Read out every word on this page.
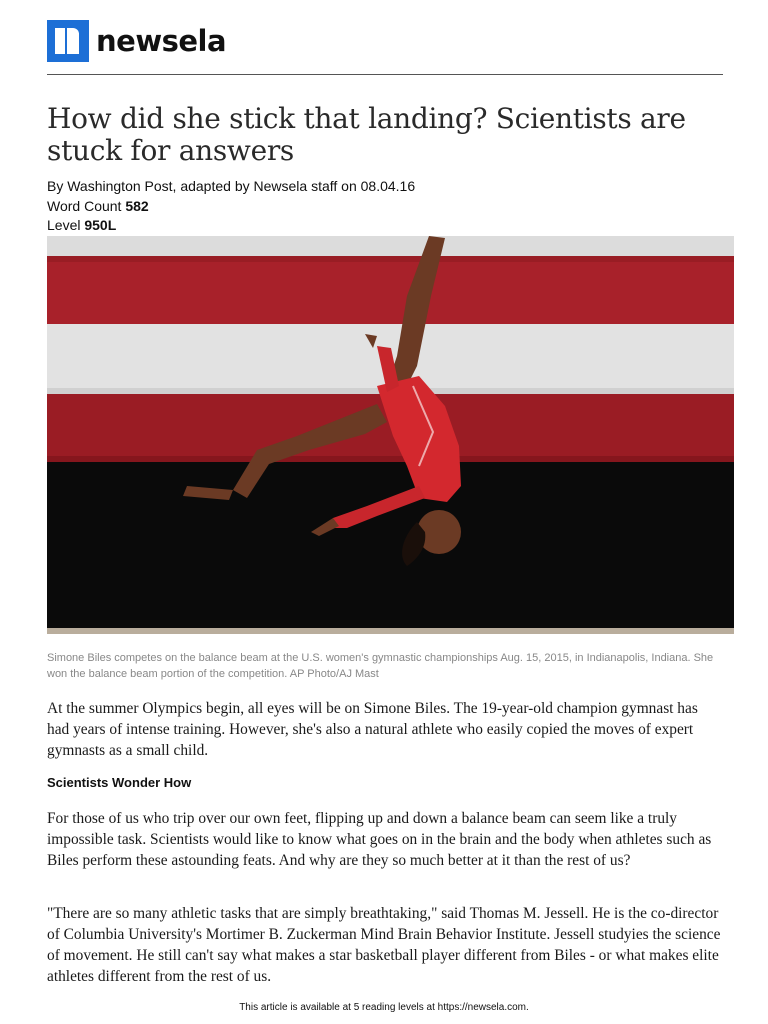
newsela
How did she stick that landing? Scientists are stuck for answers
By Washington Post, adapted by Newsela staff on 08.04.16
Word Count 582
Level 950L
Simone Biles competes on the balance beam at the U.S. women's gymnastic championships Aug. 15, 2015, in Indianapolis, Indiana. She won the balance beam portion of the competition. AP Photo/AJ Mast

At the summer Olympics begin, all eyes will be on Simone Biles. The 19-year-old champion gymnast has had years of intense training. However, she's also a natural athlete who easily copied the moves of expert gymnasts as a small child.

Scientists Wonder How

For those of us who trip over our own feet, flipping up and down a balance beam can seem like a truly impossible task. Scientists would like to know what goes on in the brain and the body when athletes such as Biles perform these astounding feats. And why are they so much better at it than the rest of us?

"There are so many athletic tasks that are simply breathtaking," said Thomas M. Jessell. He is the co-director of Columbia University's Mortimer B. Zuckerman Mind Brain Behavior Institute. Jessell studyies the science of movement. He still can't say what makes a star basketball player different from Biles - or what makes elite athletes different from the rest of us.

This article is available at 5 reading levels at https://newsela.com.
